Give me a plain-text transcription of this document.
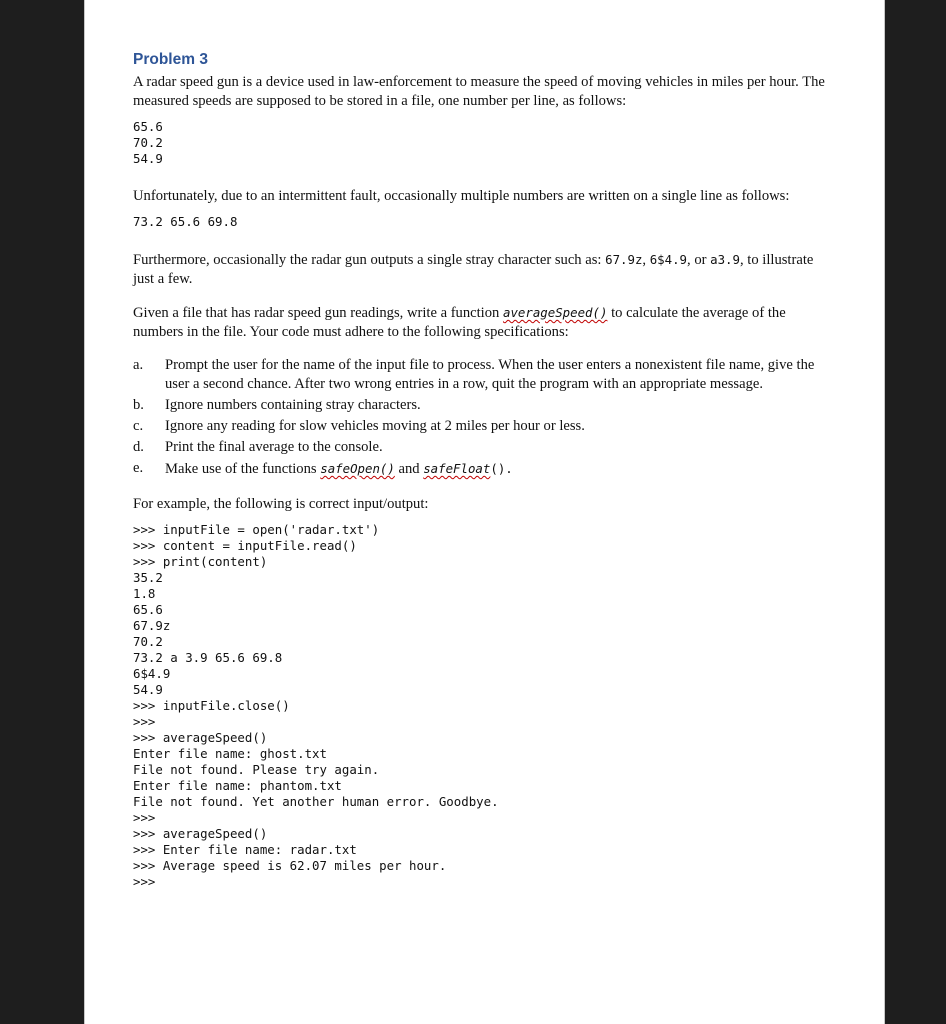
Problem 3

A radar speed gun is a device used in law-enforcement to measure the speed of moving vehicles in miles per hour. The measured speeds are supposed to be stored in a file, one number per line, as follows:

65.6
70.2
54.9

Unfortunately, due to an intermittent fault, occasionally multiple numbers are written on a single line as follows:

73.2 65.6 69.8

Furthermore, occasionally the radar gun outputs a single stray character such as: 67.9z, 6$4.9, or a3.9, to illustrate just a few.

Given a file that has radar speed gun readings, write a function averageSpeed() to calculate the average of the numbers in the file. Your code must adhere to the following specifications:

a.	Prompt the user for the name of the input file to process. When the user enters a nonexistent file name, give the user a second chance. After two wrong entries in a row, quit the program with an appropriate message.
b.	Ignore numbers containing stray characters.
c.	Ignore any reading for slow vehicles moving at 2 miles per hour or less.
d.	Print the final average to the console.
e.	Make use of the functions safeOpen() and safeFloat().

For example, the following is correct input/output:

>>> inputFile = open('radar.txt')
>>> content = inputFile.read()
>>> print(content)
35.2
1.8
65.6
67.9z
70.2
73.2 a 3.9 65.6 69.8
6$4.9
54.9
>>> inputFile.close()
>>>
>>> averageSpeed()
Enter file name: ghost.txt
File not found. Please try again.
Enter file name: phantom.txt
File not found. Yet another human error. Goodbye.
>>>
>>> averageSpeed()
>>> Enter file name: radar.txt
>>> Average speed is 62.07 miles per hour.
>>>
